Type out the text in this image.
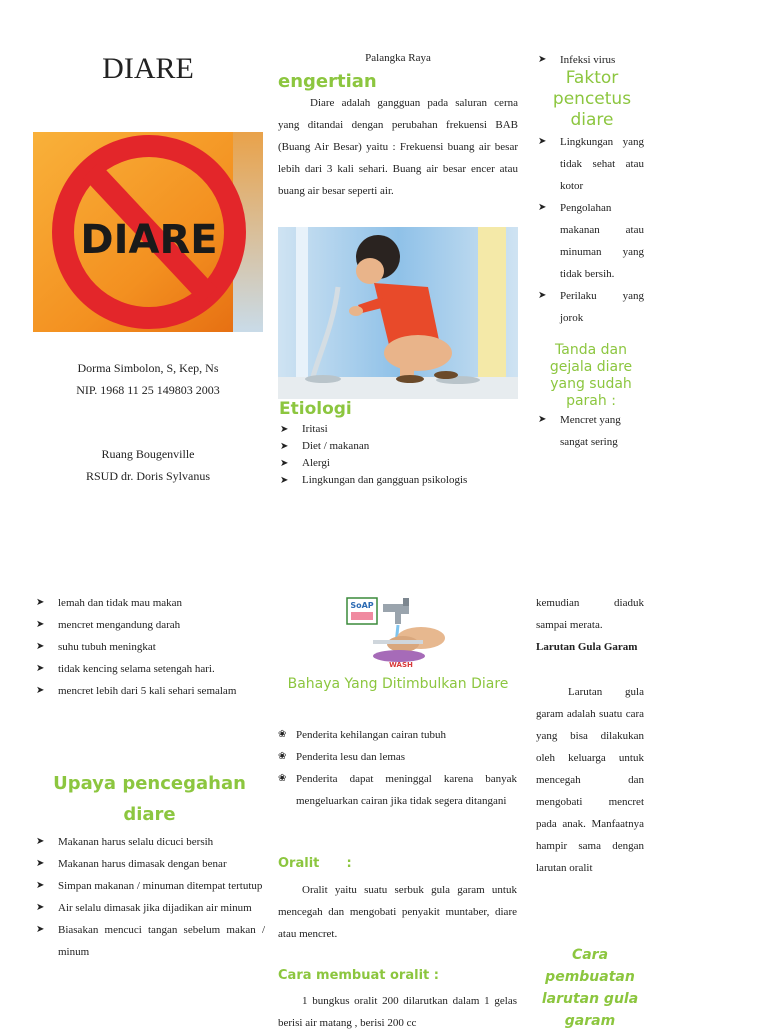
DIARE
DIARE
Dorma Simbolon, S, Kep, Ns
NIP. 1968 11 25 149803 2003
Ruang Bougenville
RSUD dr. Doris Sylvanus
Palangka Raya
engertian
Diare adalah gangguan pada saluran cerna yang ditandai dengan perubahan frekuensi BAB (Buang Air Besar) yaitu : Frekuensi buang air besar lebih dari 3 kali sehari. Buang air besar encer atau buang air besar seperti air.
Etiologi
➤ Iritasi
➤ Diet / makanan
➤ Alergi
➤ Lingkungan dan gangguan psikologis
➤ Infeksi virus
Faktor pencetus diare
➤ Lingkungan yang tidak sehat atau kotor
➤ Pengolahan makanan atau minuman yang tidak bersih.
➤ Perilaku yang jorok
Tanda dan gejala diare yang sudah parah :
➤ Mencret yang sangat sering
➤ lemah dan tidak mau makan
➤ mencret mengandung darah
➤ suhu tubuh meningkat
➤ tidak kencing selama setengah hari.
➤ mencret lebih dari 5 kali sehari semalam
Upaya pencegahan diare
➤ Makanan harus selalu dicuci bersih
➤ Makanan harus dimasak dengan benar
➤ Simpan makanan / minuman ditempat tertutup
➤ Air selalu dimasak jika dijadikan air minum
➤ Biasakan mencuci tangan sebelum makan / minum
SoAP
WASH
Bahaya Yang Ditimbulkan Diare
❀ Penderita kehilangan cairan tubuh
❀ Penderita lesu dan lemas
❀ Penderita dapat meninggal karena banyak mengeluarkan cairan jika tidak segera ditangani
Oralit      :
Oralit yaitu suatu serbuk gula garam untuk mencegah dan mengobati penyakit muntaber, diare atau mencret.
Cara membuat oralit :
1 bungkus oralit 200 dilarutkan dalam 1 gelas berisi air matang , berisi 200 cc
kemudian diaduk sampai merata.
Larutan Gula Garam
Larutan gula garam adalah suatu cara yang bisa dilakukan oleh keluarga untuk mencegah dan mengobati mencret pada anak. Manfaatnya hampir sama dengan larutan oralit
Cara pembuatan larutan gula garam
